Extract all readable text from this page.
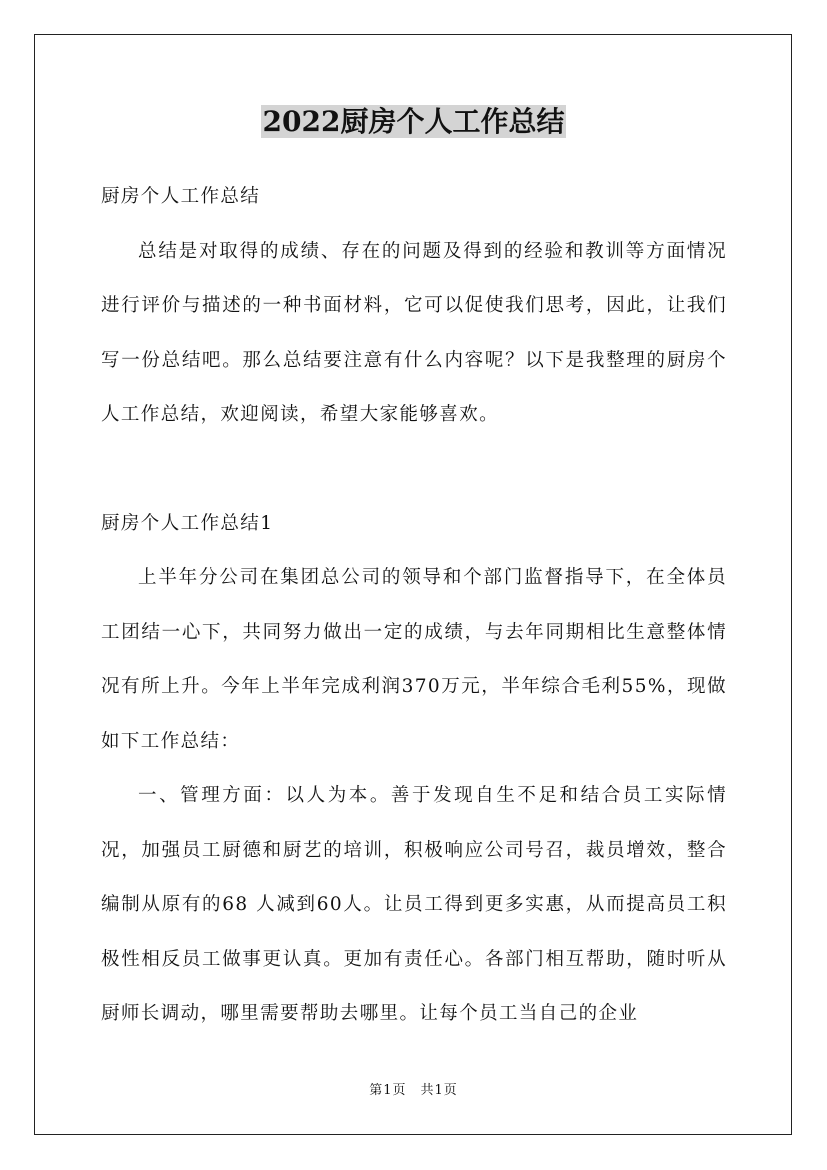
2022厨房个人工作总结

厨房个人工作总结

总结是对取得的成绩、存在的问题及得到的经验和教训等方面情况进行评价与描述的一种书面材料，它可以促使我们思考，因此，让我们写一份总结吧。那么总结要注意有什么内容呢？以下是我整理的厨房个人工作总结，欢迎阅读，希望大家能够喜欢。

厨房个人工作总结1

上半年分公司在集团总公司的领导和个部门监督指导下，在全体员工团结一心下，共同努力做出一定的成绩，与去年同期相比生意整体情况有所上升。今年上半年完成利润370万元，半年综合毛利55%，现做如下工作总结：

一、管理方面：以人为本。善于发现自生不足和结合员工实际情况，加强员工厨德和厨艺的培训，积极响应公司号召，裁员增效，整合编制从原有的68 人减到60人。让员工得到更多实惠，从而提高员工积极性相反员工做事更认真。更加有责任心。各部门相互帮助，随时听从厨师长调动，哪里需要帮助去哪里。让每个员工当自己的企业

第1页　共1页
